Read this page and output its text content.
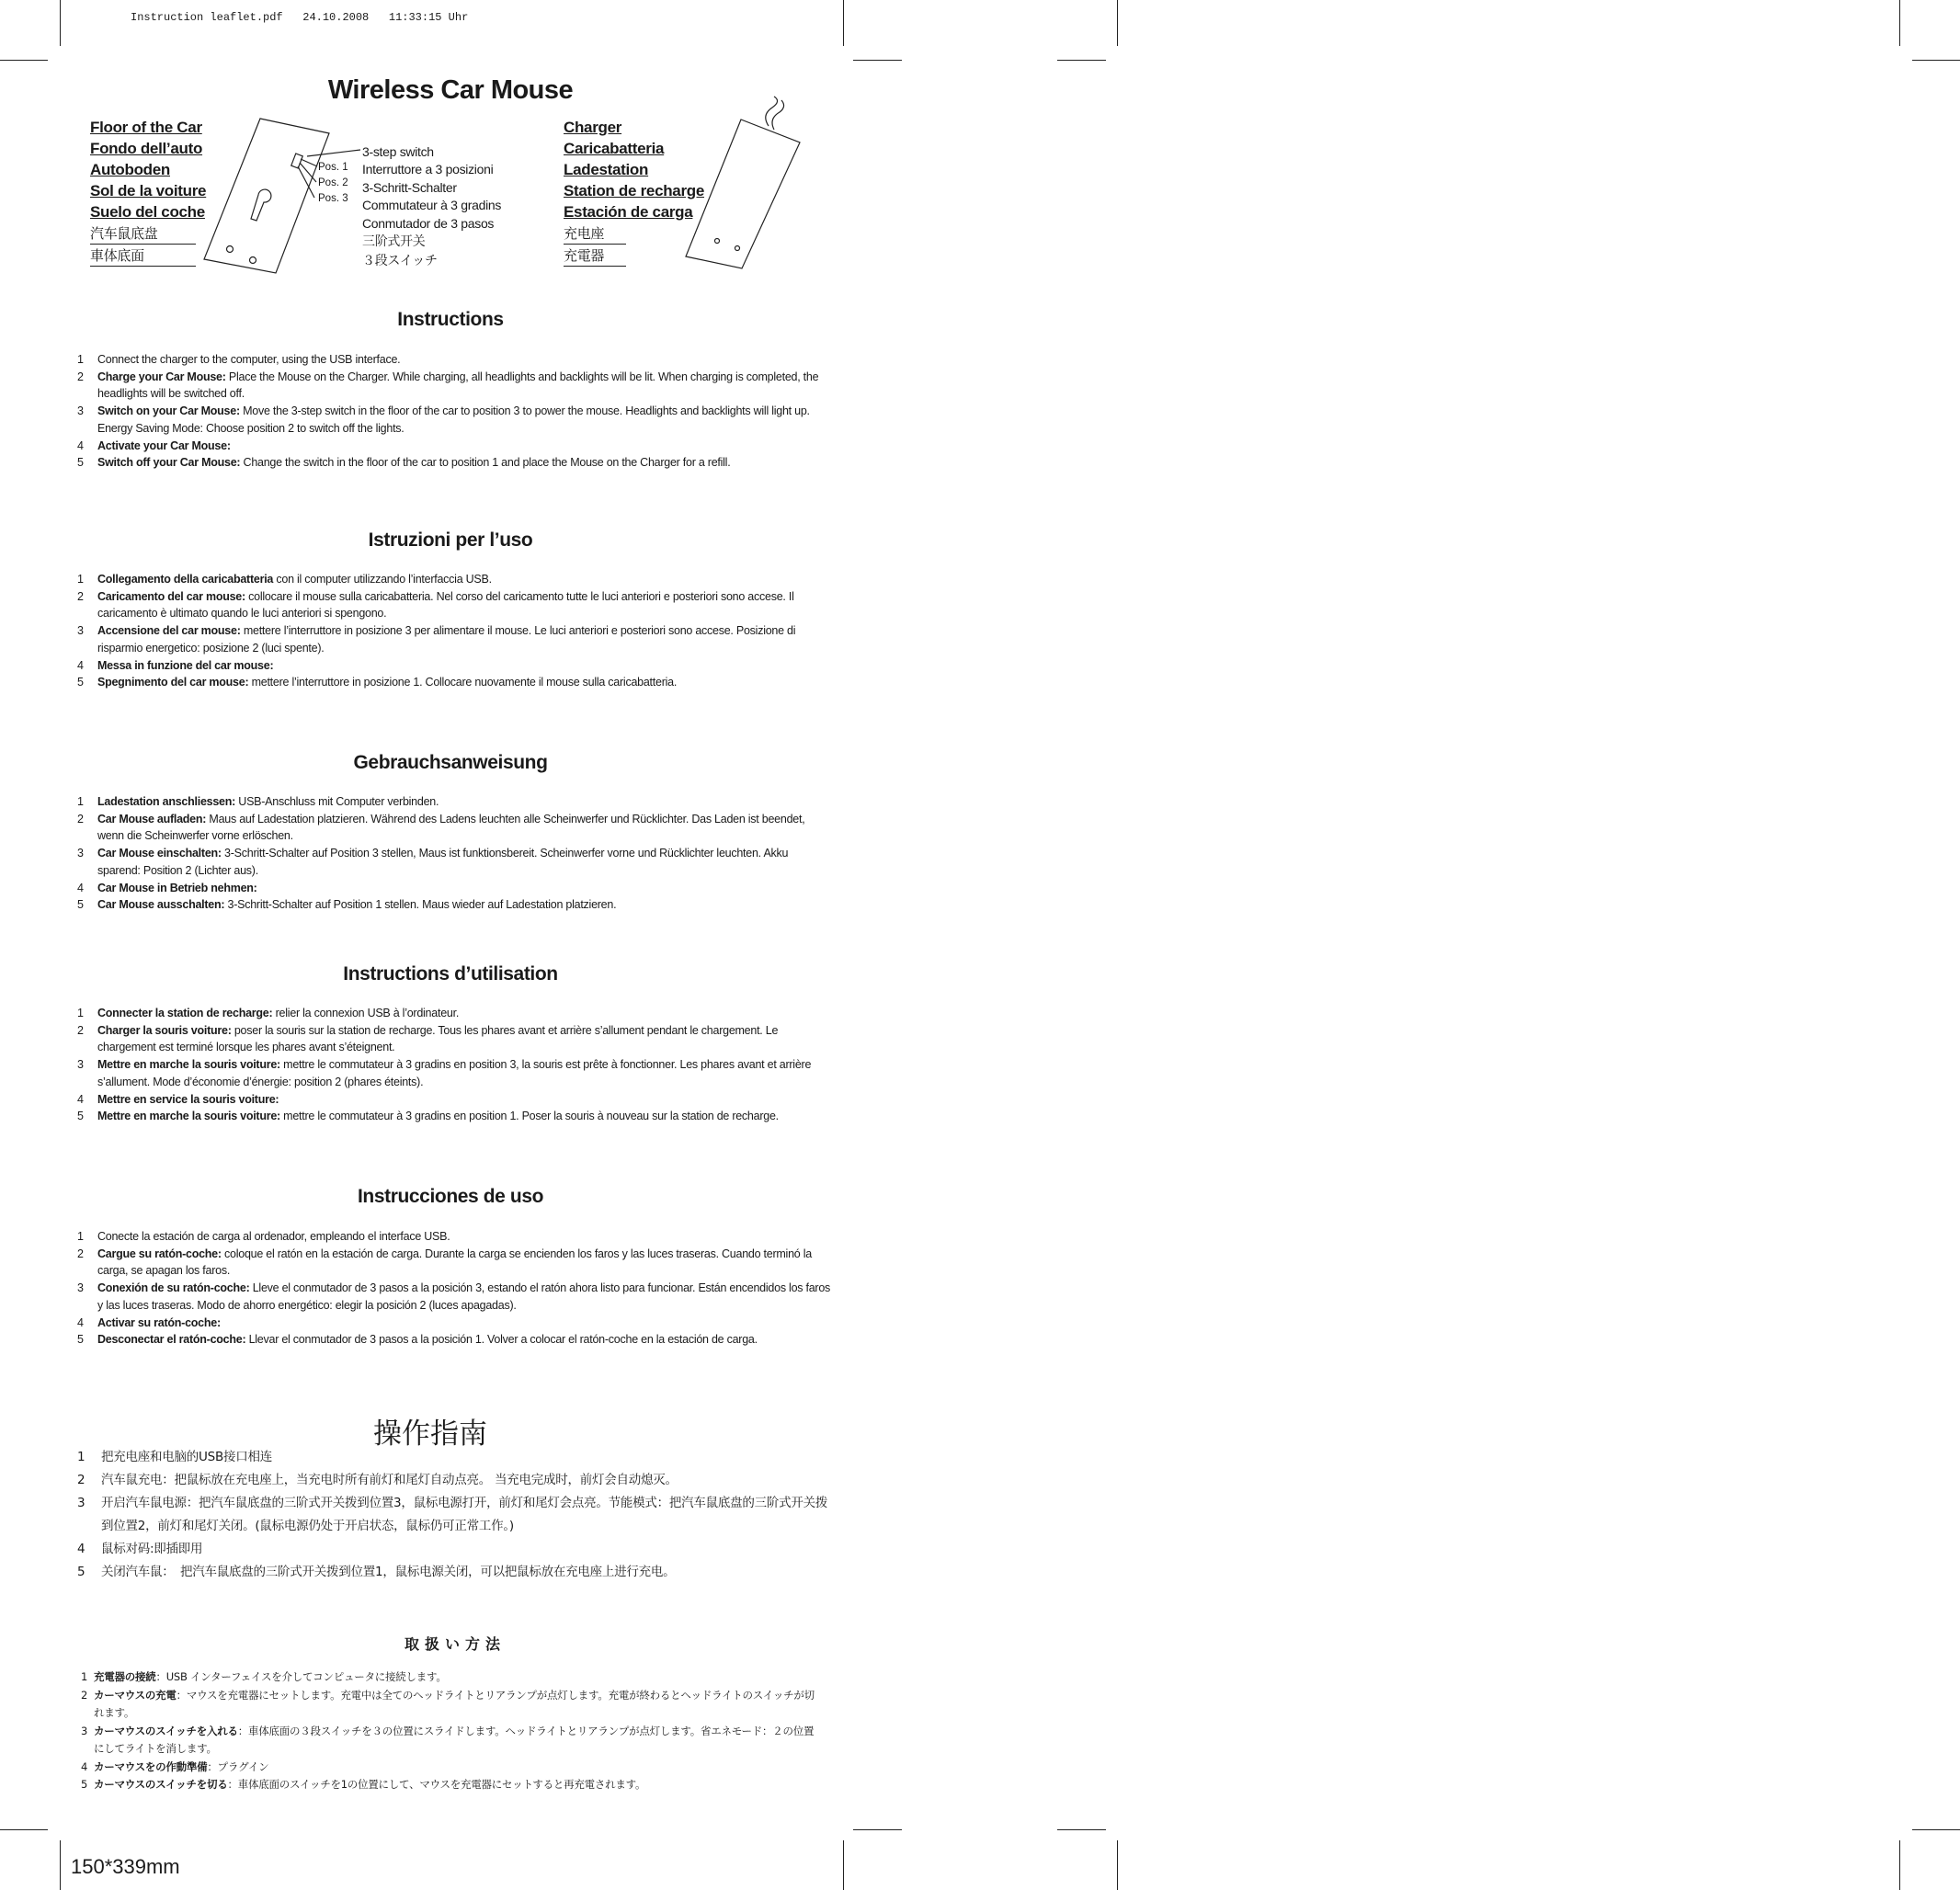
Instruction leaflet.pdf 24.10.2008 11:33:15 Uhr
Wireless Car Mouse
Floor of the Car
Fondo dell’auto
Autoboden
Sol de la voiture
Suelo del coche
汽车鼠底盘
車体底面
Pos. 1
Pos. 2
Pos. 3
3-step switch
Interruttore a 3 posizioni
3-Schritt-Schalter
Commutateur à 3 gradins
Conmutador de 3 pasos
三阶式开关
３段スイッチ
Charger
Caricabatteria
Ladestation
Station de recharge
Estación de carga
充电座
充電器
Instructions
1 Connect the charger to the computer, using the USB interface.
2 Charge your Car Mouse: Place the Mouse on the Charger. While charging, all headlights and backlights will be lit. When charging is completed, the headlights will be switched off.
3 Switch on your Car Mouse: Move the 3-step switch in the floor of the car to position 3 to power the mouse. Headlights and backlights will light up. Energy Saving Mode: Choose position 2 to switch off the lights.
4 Activate your Car Mouse:
5 Switch off your Car Mouse: Change the switch in the floor of the car to position 1 and place the Mouse on the Charger for a refill.
Istruzioni per l’uso
1 Collegamento della caricabatteria con il computer utilizzando l’interfaccia USB.
2 Caricamento del car mouse: collocare il mouse sulla caricabatteria. Nel corso del caricamento tutte le luci anteriori e posteriori sono accese. Il caricamento è ultimato quando le luci anteriori si spengono.
3 Accensione del car mouse: mettere l’interruttore in posizione 3 per alimentare il mouse. Le luci anteriori e posteriori sono accese. Posizione di risparmio energetico: posizione 2 (luci spente).
4 Messa in funzione del car mouse:
5 Spegnimento del car mouse: mettere l’interruttore in posizione 1. Collocare nuovamente il mouse sulla caricabatteria.
Gebrauchsanweisung
1 Ladestation anschliessen: USB-Anschluss mit Computer verbinden.
2 Car Mouse aufladen: Maus auf Ladestation platzieren. Während des Ladens leuchten alle Scheinwerfer und Rücklichter. Das Laden ist beendet, wenn die Scheinwerfer vorne erlöschen.
3 Car Mouse einschalten: 3-Schritt-Schalter auf Position 3 stellen, Maus ist funktionsbereit. Scheinwerfer vorne und Rücklichter leuchten. Akku sparend: Position 2 (Lichter aus).
4 Car Mouse in Betrieb nehmen:
5 Car Mouse ausschalten: 3-Schritt-Schalter auf Position 1 stellen. Maus wieder auf Ladestation platzieren.
Instructions d’utilisation
1 Connecter la station de recharge: relier la connexion USB à l’ordinateur.
2 Charger la souris voiture: poser la souris sur la station de recharge. Tous les phares avant et arrière s’allument pendant le chargement. Le chargement est terminé lorsque les phares avant s’éteignent.
3 Mettre en marche la souris voiture: mettre le commutateur à 3 gradins en position 3, la souris est prête à fonctionner. Les phares avant et arrière s’allument. Mode d’économie d’énergie: position 2 (phares éteints).
4 Mettre en service la souris voiture:
5 Mettre en marche la souris voiture: mettre le commutateur à 3 gradins en position 1. Poser la souris à nouveau sur la station de recharge.
Instrucciones de uso
1 Conecte la estación de carga al ordenador, empleando el interface USB.
2 Cargue su ratón-coche: coloque el ratón en la estación de carga. Durante la carga se encienden los faros y las luces traseras. Cuando terminó la carga, se apagan los faros.
3 Conexión de su ratón-coche: Lleve el conmutador de 3 pasos a la posición 3, estando el ratón ahora listo para funcionar. Están encendidos los faros y las luces traseras. Modo de ahorro energético: elegir la posición 2 (luces apagadas).
4 Activar su ratón-coche:
5 Desconectar el ratón-coche: Llevar el conmutador de 3 pasos a la posición 1. Volver a colocar el ratón-coche en la estación de carga.
操作指南
1 把充电座和电脑的USB接口相连
2 汽车鼠充电：把鼠标放在充电座上，当充电时所有前灯和尾灯自动点亮。 当充电完成时，前灯会自动熄灭。
3 开启汽车鼠电源：把汽车鼠底盘的三阶式开关拨到位置3，鼠标电源打开，前灯和尾灯会点亮。节能模式：把汽车鼠底盘的三阶式开关拨到位置2，前灯和尾灯关闭。(鼠标电源仍处于开启状态，鼠标仍可正常工作。)
4 鼠标对码:即插即用
5 关闭汽车鼠：　把汽车鼠底盘的三阶式开关拨到位置1，鼠标电源关闭，可以把鼠标放在充电座上进行充电。
取扱い方法
1 充電器の接続：USB インターフェイスを介してコンピュータに接続します。
2 カーマウスの充電：マウスを充電器にセットします。充電中は全てのヘッドライトとリアランプが点灯します。充電が終わるとヘッドライトのスイッチが切れます。
3 カーマウスのスイッチを入れる：車体底面の３段スイッチを３の位置にスライドします。ヘッドライトとリアランプが点灯します。省エネモード：２の位置にしてライトを消します。
4 カーマウスをの作動準備：プラグイン
5 カーマウスのスイッチを切る：車体底面のスイッチを1の位置にして、マウスを充電器にセットすると再充電されます。
150*339mm
